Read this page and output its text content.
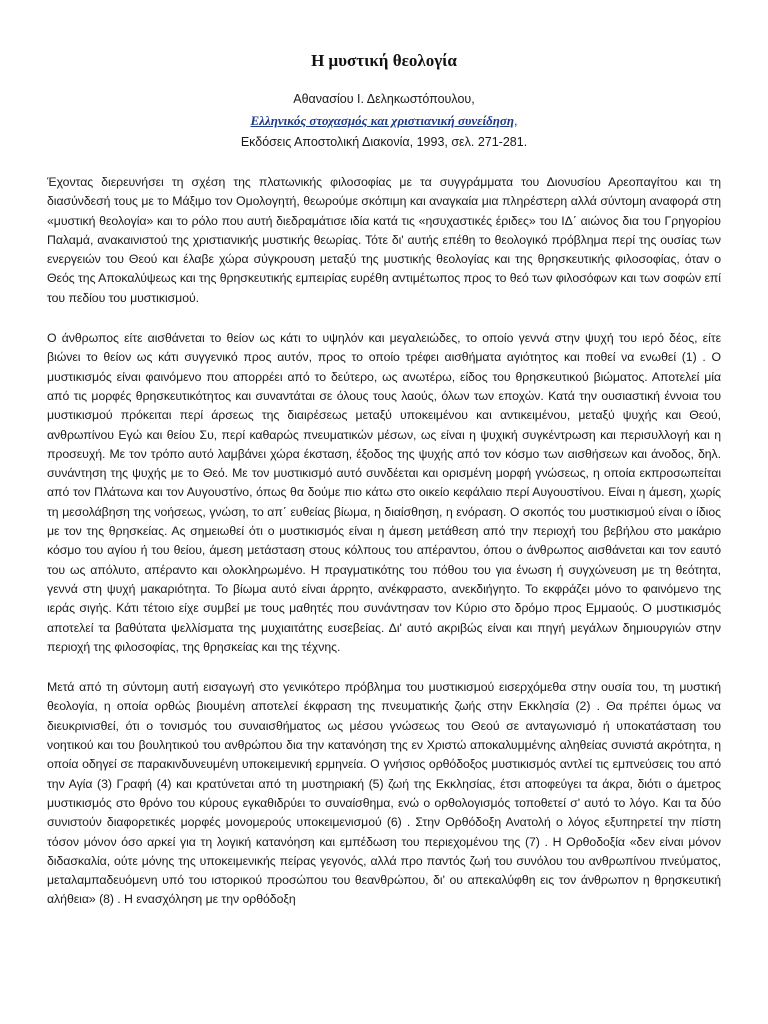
Η μυστική θεολογία
Αθανασίου Ι. Δεληκωστόπουλου,
Ελληνικός στοχασμός και χριστιανική συνείδηση,
Εκδόσεις Αποστολική Διακονία, 1993, σελ. 271-281.

Έχοντας διερευνήσει τη σχέση της πλατωνικής φιλοσοφίας με τα συγγράμματα του Διονυσίου Αρεοπαγίτου και τη διασύνδεσή τους με το Μάξιμο τον Ομολογητή, θεωρούμε σκόπιμη και αναγκαία μια πληρέστερη αλλά σύντομη αναφορά στη «μυστική θεολογία» και το ρόλο που αυτή διεδραμάτισε ιδία κατά τις «ησυχαστικές έριδες» του ΙΔ΄ αιώνος δια του Γρηγορίου Παλαμά, ανακαινιστού της χριστιανικής μυστικής θεωρίας. Τότε δι' αυτής επέθη το θεολογικό πρόβλημα περί της ουσίας των ενεργειών του Θεού και έλαβε χώρα σύγκρουση μεταξύ της μυστικής θεολογίας και της θρησκευτικής φιλοσοφίας, όταν ο Θεός της Αποκαλύψεως και της θρησκευτικής εμπειρίας ευρέθη αντιμέτωπος προς το θεό των φιλοσόφων και των σοφών επί του πεδίου του μυστικισμού.

Ο άνθρωπος είτε αισθάνεται το θείον ως κάτι το υψηλόν και μεγαλειώδες, το οποίο γεννά στην ψυχή του ιερό δέος, είτε βιώνει το θείον ως κάτι συγγενικό προς αυτόν, προς το οποίο τρέφει αισθήματα αγιότητος και ποθεί να ενωθεί (1) . Ο μυστικισμός είναι φαινόμενο που απορρέει από το δεύτερο, ως ανωτέρω, είδος του θρησκευτικού βιώματος. Αποτελεί μία από τις μορφές θρησκευτικότητος και συναντάται σε όλους τους λαούς, όλων των εποχών. Κατά την ουσιαστική έννοια του μυστικισμού πρόκειται περί άρσεως της διαιρέσεως μεταξύ υποκειμένου και αντικειμένου, μεταξύ ψυχής και Θεού, ανθρωπίνου Εγώ και θείου Συ, περί καθαρώς πνευματικών μέσων, ως είναι η ψυχική συγκέντρωση και περισυλλογή και η προσευχή. Με τον τρόπο αυτό λαμβάνει χώρα έκσταση, έξοδος της ψυχής από τον κόσμο των αισθήσεων και άνοδος, δηλ. συνάντηση της ψυχής με το Θεό. Με τον μυστικισμό αυτό συνδέεται και ορισμένη μορφή γνώσεως, η οποία εκπροσωπείται από τον Πλάτωνα και τον Αυγουστίνο, όπως θα δούμε πιο κάτω στο οικείο κεφάλαιο περί Αυγουστίνου. Είναι η άμεση, χωρίς τη μεσολάβηση της νοήσεως, γνώση, το απ΄ ευθείας βίωμα, η διαίσθηση, η ενόραση. Ο σκοπός του μυστικισμού είναι ο ίδιος με τον της θρησκείας. Ας σημειωθεί ότι ο μυστικισμός είναι η άμεση μετάθεση από την περιοχή του βεβήλου στο μακάριο κόσμο του αγίου ή του θείου, άμεση μετάσταση στους κόλπους του απέραντου, όπου ο άνθρωπος αισθάνεται και τον εαυτό του ως απόλυτο, απέραντο και ολοκληρωμένο. Η πραγματικότης του πόθου του για ένωση ή συγχώνευση με τη θεότητα, γεννά στη ψυχή μακαριότητα. Το βίωμα αυτό είναι άρρητο, ανέκφραστο, ανεκδιήγητο. Το εκφράζει μόνο το φαινόμενο της ιεράς σιγής. Κάτι τέτοιο είχε συμβεί με τους μαθητές που συνάντησαν τον Κύριο στο δρόμο προς Εμμαούς. Ο μυστικισμός αποτελεί τα βαθύτατα ψελλίσματα της μυχιαιτάτης ευσεβείας. Δι' αυτό ακριβώς είναι και πηγή μεγάλων δημιουργιών στην περιοχή της φιλοσοφίας, της θρησκείας και της τέχνης.

Μετά από τη σύντομη αυτή εισαγωγή στο γενικότερο πρόβλημα του μυστικισμού εισερχόμεθα στην ουσία του, τη μυστική θεολογία, η οποία ορθώς βιουμένη αποτελεί έκφραση της πνευματικής ζωής στην Εκκλησία (2) . Θα πρέπει όμως να διευκρινισθεί, ότι ο τονισμός του συναισθήματος ως μέσου γνώσεως του Θεού σε ανταγωνισμό ή υποκατάσταση του νοητικού και του βουλητικού του ανθρώπου δια την κατανόηση της εν Χριστώ αποκαλυμμένης αληθείας συνιστά ακρότητα, η οποία οδηγεί σε παρακινδυνευμένη υποκειμενική ερμηνεία. Ο γνήσιος ορθόδοξος μυστικισμός αντλεί τις εμπνεύσεις του από την Αγία (3) Γραφή (4) και κρατύνεται από τη μυστηριακή (5) ζωή της Εκκλησίας, έτσι αποφεύγει τα άκρα, διότι ο άμετρος μυστικισμός στο θρόνο του κύρους εγκαθιδρύει το συναίσθημα, ενώ ο ορθολογισμός τοποθετεί σ' αυτό το λόγο. Και τα δύο συνιστούν διαφορετικές μορφές μονομερούς υποκειμενισμού (6) . Στην Ορθόδοξη Ανατολή ο λόγος εξυπηρετεί την πίστη τόσον μόνον όσο αρκεί για τη λογική κατανόηση και εμπέδωση του περιεχομένου της (7) . Η Ορθοδοξία «δεν είναι μόνον διδασκαλία, ούτε μόνης της υποκειμενικής πείρας γεγονός, αλλά προ παντός ζωή του συνόλου του ανθρωπίνου πνεύματος, μεταλαμπαδευόμενη υπό του ιστορικού προσώπου του θεανθρώπου, δι' ου απεκαλύφθη εις τον άνθρωπον η θρησκευτική αλήθεια» (8) . Η ενασχόληση με την ορθόδοξη
